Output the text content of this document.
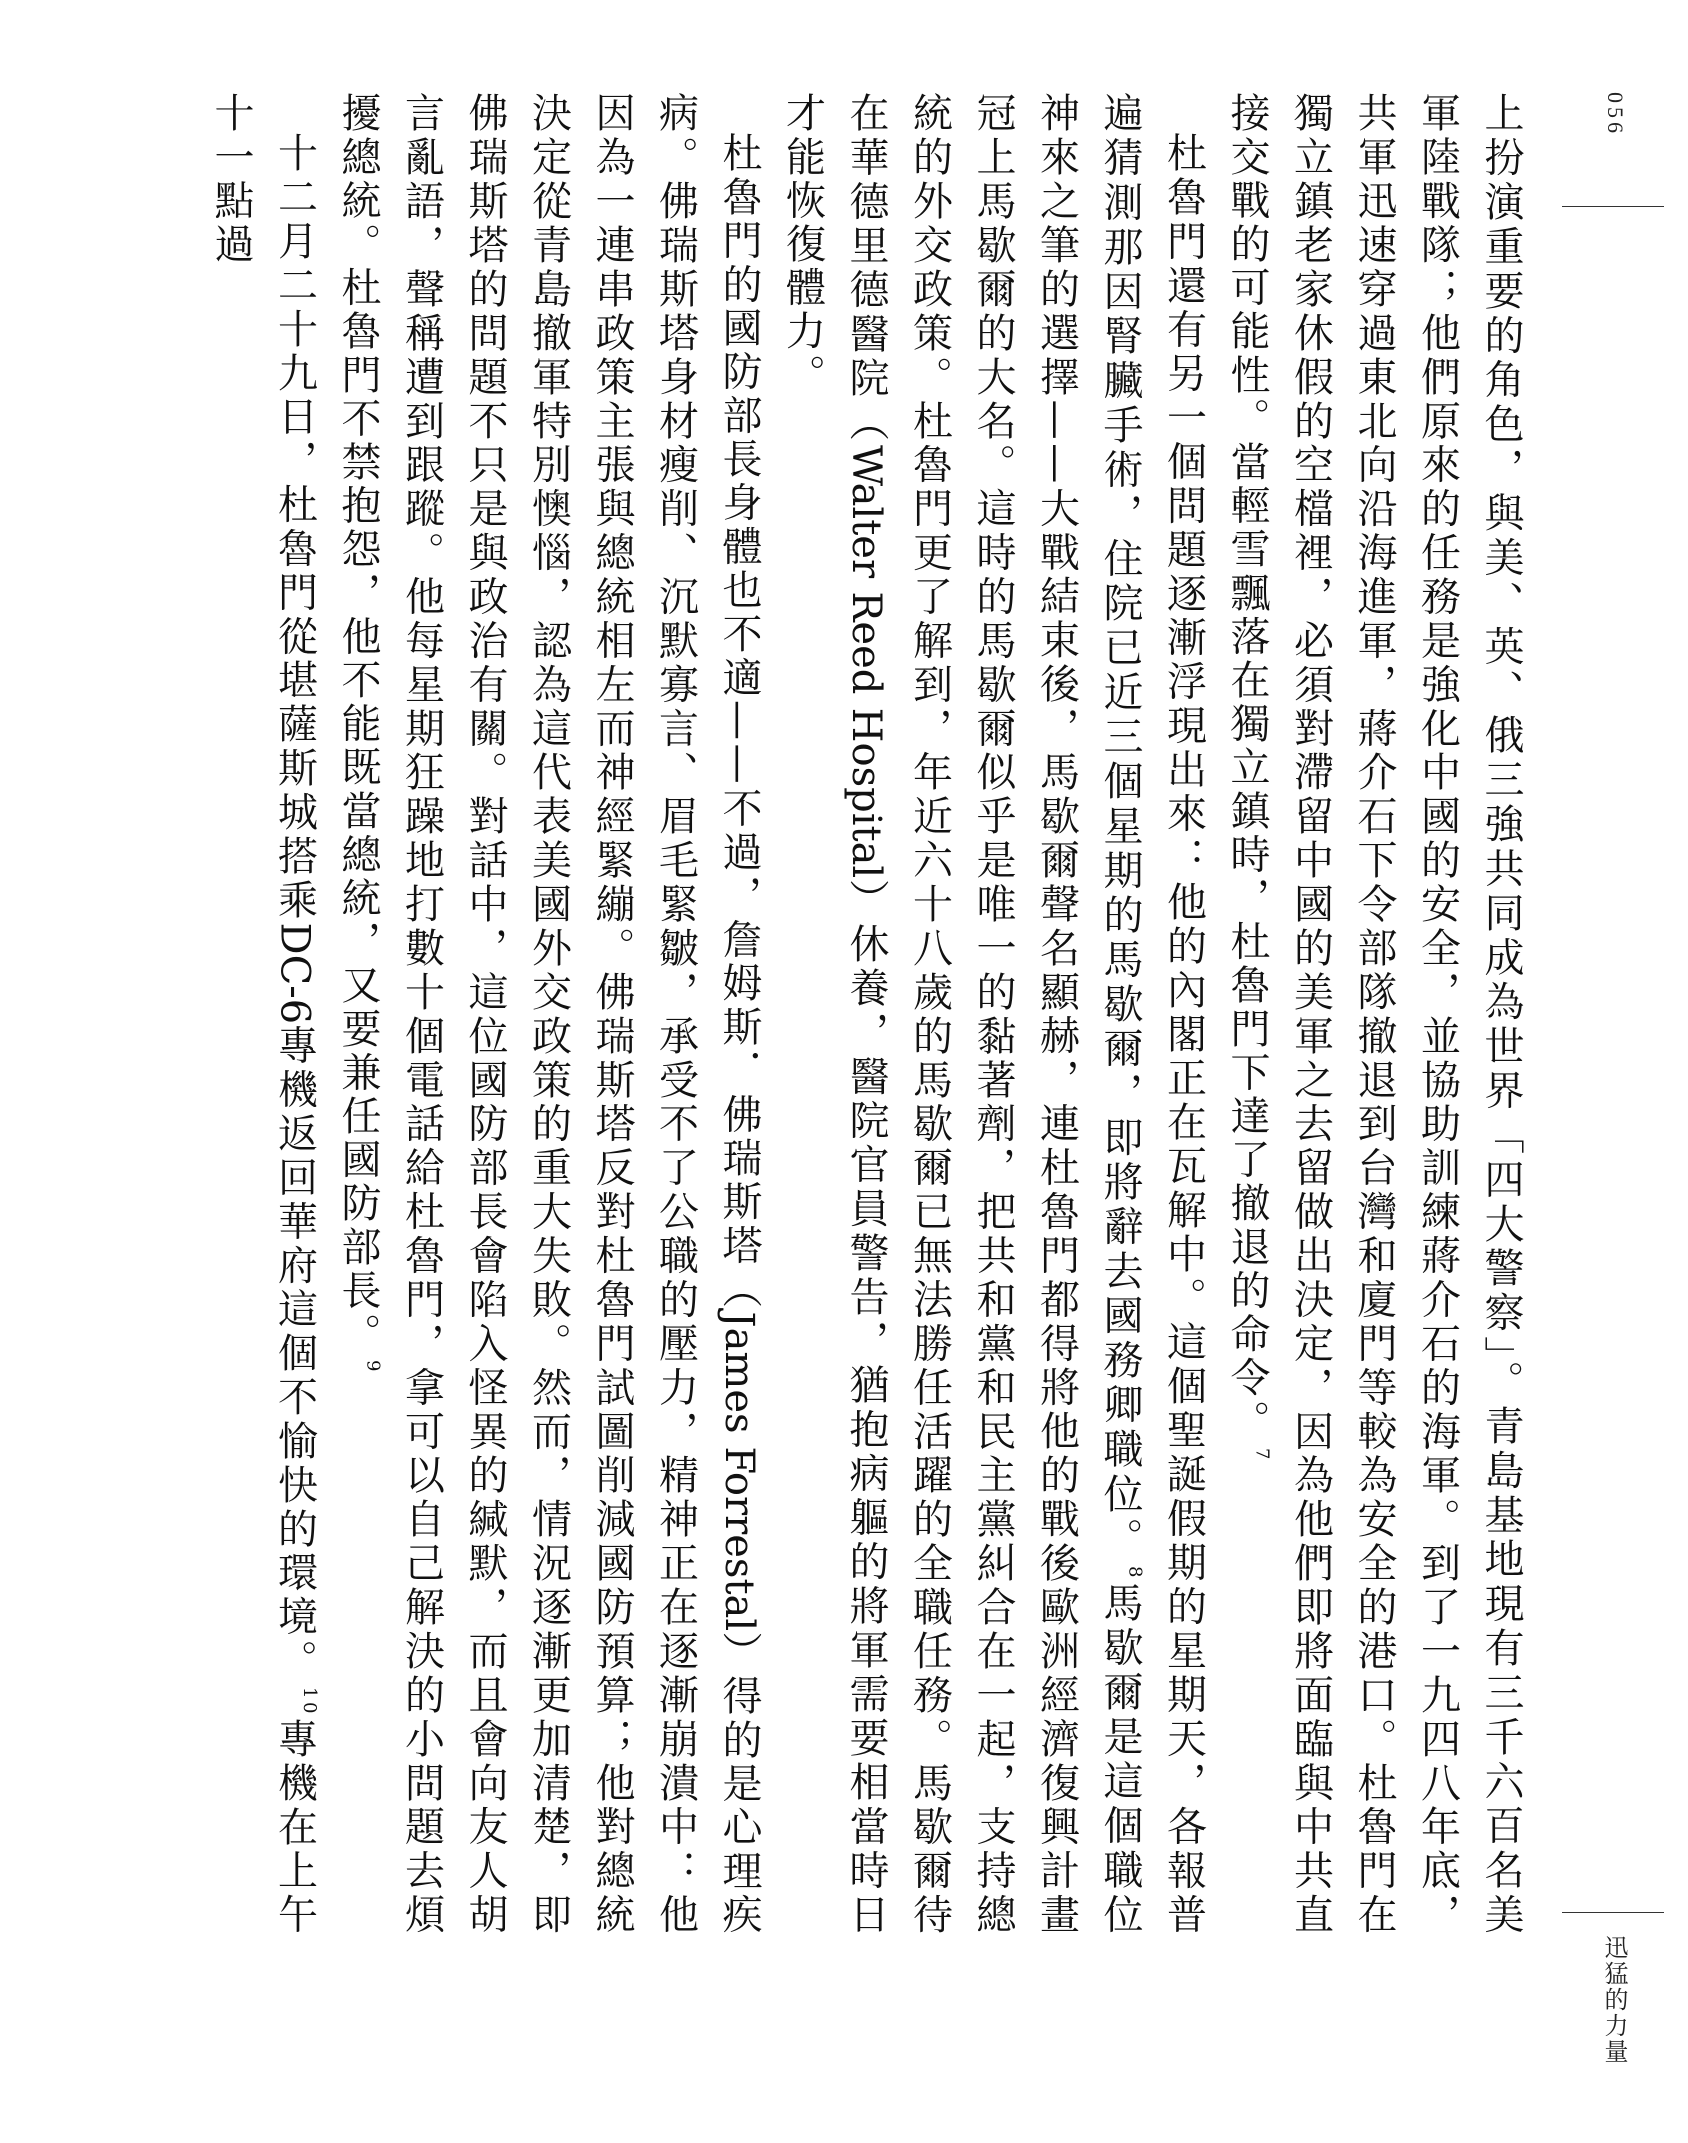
056
迅猛的力量

上扮演重要的角色，與美、英、俄三強共同成為世界「四大警察」。青島基地現有三千六百名美軍陸戰隊；他們原來的任務是強化中國的安全，並協助訓練蔣介石的海軍。到了一九四八年底，共軍迅速穿過東北向沿海進軍，蔣介石下令部隊撤退到台灣和廈門等較為安全的港口。杜魯門在獨立鎮老家休假的空檔裡，必須對滯留中國的美軍之去留做出決定，因為他們即將面臨與中共直接交戰的可能性。當輕雪飄落在獨立鎮時，杜魯門下達了撤退的命令。$^7$

杜魯門還有另一個問題逐漸浮現出來：他的內閣正在瓦解中。這個聖誕假期的星期天，各報普遍猜測那因腎臟手術，住院已近三個星期的馬歇爾，即將辭去國務卿職位。$^8$馬歇爾是這個職位神來之筆的選擇——大戰結束後，馬歇爾聲名顯赫，連杜魯門都得將他的戰後歐洲經濟復興計畫冠上馬歇爾的大名。這時的馬歇爾似乎是唯一的黏著劑，把共和黨和民主黨糾合在一起，支持總統的外交政策。杜魯門更了解到，年近六十八歲的馬歇爾已無法勝任活躍的全職任務。馬歇爾待在華德里德醫院（Walter Reed Hospital）休養，醫院官員警告，猶抱病軀的將軍需要相當時日才能恢復體力。

杜魯門的國防部長身體也不適——不過，詹姆斯．佛瑞斯塔（James Forrestal）得的是心理疾病。佛瑞斯塔身材瘦削、沉默寡言、眉毛緊皺，承受不了公職的壓力，精神正在逐漸崩潰中：他因為一連串政策主張與總統相左而神經緊繃。佛瑞斯塔反對杜魯門試圖削減國防預算；他對總統決定從青島撤軍特別懊惱，認為這代表美國外交政策的重大失敗。然而，情況逐漸更加清楚，即佛瑞斯塔的問題不只是與政治有關。對話中，這位國防部長會陷入怪異的緘默，而且會向友人胡言亂語，聲稱遭到跟蹤。他每星期狂躁地打數十個電話給杜魯門，拿可以自己解決的小問題去煩擾總統。杜魯門不禁抱怨，他不能既當總統，又要兼任國防部長。$^9$

十二月二十九日，杜魯門從堪薩斯城搭乘DC-6專機返回華府這個不愉快的環境。$^{10}$專機在上午十一點過
